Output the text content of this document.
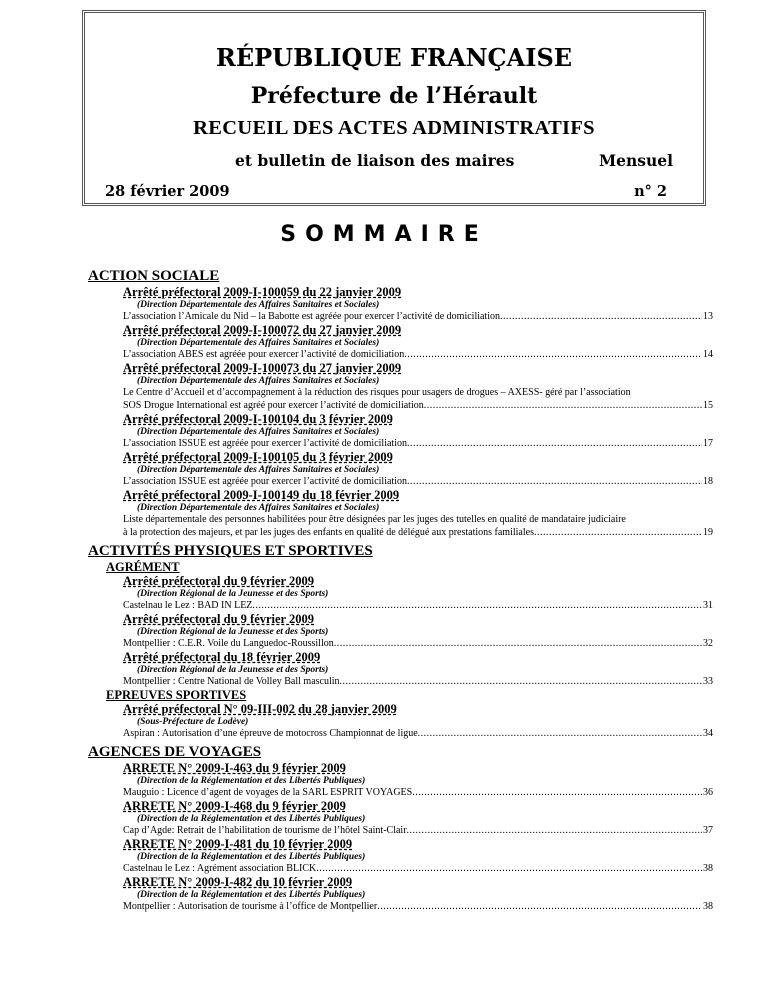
RÉPUBLIQUE FRANÇAISE
Préfecture de l’Hérault
RECUEIL DES ACTES ADMINISTRATIFS
et bulletin de liaison des maires	Mensuel
28 février 2009	n° 2
SOMMAIRE
ACTION SOCIALE
Arrêté préfectoral 2009-I-100059 du 22 janvier 2009
(Direction Départementale des Affaires Sanitaires et Sociales)
L’association l’Amicale du Nid – la Babotte est agréée pour exercer l’activité de domiciliation .....	13
Arrêté préfectoral 2009-I-100072 du 27 janvier 2009
(Direction Départementale des Affaires Sanitaires et Sociales)
L’association ABES est agréée pour exercer l’activité de domiciliation .....	14
Arrêté préfectoral 2009-I-100073 du 27 janvier 2009
(Direction Départementale des Affaires Sanitaires et Sociales)
Le Centre d’Accueil et d’accompagnement à la réduction des risques pour usagers de drogues – AXESS- géré par l’association
SOS Drogue International est agréé pour exercer l’activité de domiciliation .....	15
Arrêté préfectoral 2009-I-100104 du 3 février 2009
(Direction Départementale des Affaires Sanitaires et Sociales)
L’association ISSUE est agréée pour exercer l’activité de domiciliation .....	17
Arrêté préfectoral 2009-I-100105 du 3 février 2009
(Direction Départementale des Affaires Sanitaires et Sociales)
L’association ISSUE est agréée pour exercer l’activité de domiciliation .....	18
Arrêté préfectoral 2009-I-100149 du 18 février 2009
(Direction Départementale des Affaires Sanitaires et Sociales)
Liste départementale des personnes habilitées pour être désignées par les juges des tutelles en qualité de mandataire judiciaire
à la protection des majeurs, et par les juges des enfants en qualité de délégué aux prestations familiales .....	19
ACTIVITÉS PHYSIQUES ET SPORTIVES
AGRÉMENT
Arrêté préfectoral du 9 février 2009
(Direction Régional de la Jeunesse et des Sports)
Castelnau le Lez : BAD IN LEZ .....	31
Arrêté préfectoral du 9 février 2009
(Direction Régional de la Jeunesse et des Sports)
Montpellier : C.E.R. Voile du Languedoc-Roussillon .....	32
Arrêté préfectoral du 18 février 2009
(Direction Régional de la Jeunesse et des Sports)
Montpellier : Centre National de Volley Ball masculin .....	33
EPREUVES SPORTIVES
Arrêté préfectoral N° 09-III-002 du 28 janvier 2009
(Sous-Préfecture de Lodève)
Aspiran : Autorisation d’une épreuve de motocross Championnat de ligue .....	34
AGENCES DE VOYAGES
ARRETE N° 2009-I-463 du 9 février 2009
(Direction de la Réglementation et des Libertés Publiques)
Mauguio : Licence d’agent de voyages de la SARL ESPRIT VOYAGES .....	36
ARRETE N° 2009-I-468 du 9 février 2009
(Direction de la Réglementation et des Libertés Publiques)
Cap d’Agde: Retrait de l’habilitation de tourisme de l’hôtel Saint-Clair .....	37
ARRETE N° 2009-I-481 du 10 février 2009
(Direction de la Réglementation et des Libertés Publiques)
Castelnau le Lez : Agrément association BLICK .....	38
ARRETE N° 2009-I-482 du 10 février 2009
(Direction de la Réglementation et des Libertés Publiques)
Montpellier : Autorisation de tourisme à l’office de Montpellier .....	38
